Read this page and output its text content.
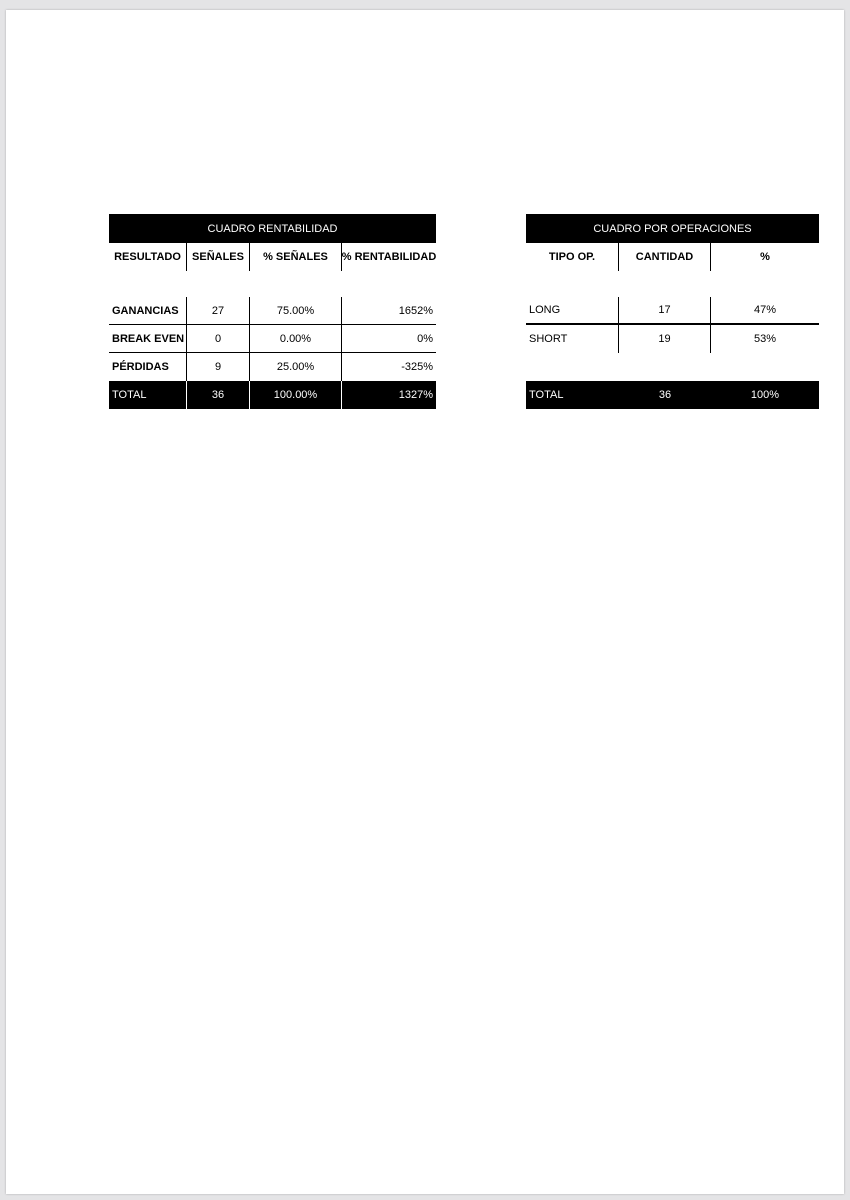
CUADRO RENTABILIDAD
RESULTADO	SEÑALES	% SEÑALES	% RENTABILIDAD
GANANCIAS	27	75.00%	1652%
BREAK EVEN	0	0.00%	0%
PÉRDIDAS	9	25.00%	-325%
TOTAL	36	100.00%	1327%
CUADRO POR OPERACIONES
TIPO OP.	CANTIDAD	%
LONG	17	47%
SHORT	19	53%
TOTAL	36	100%
